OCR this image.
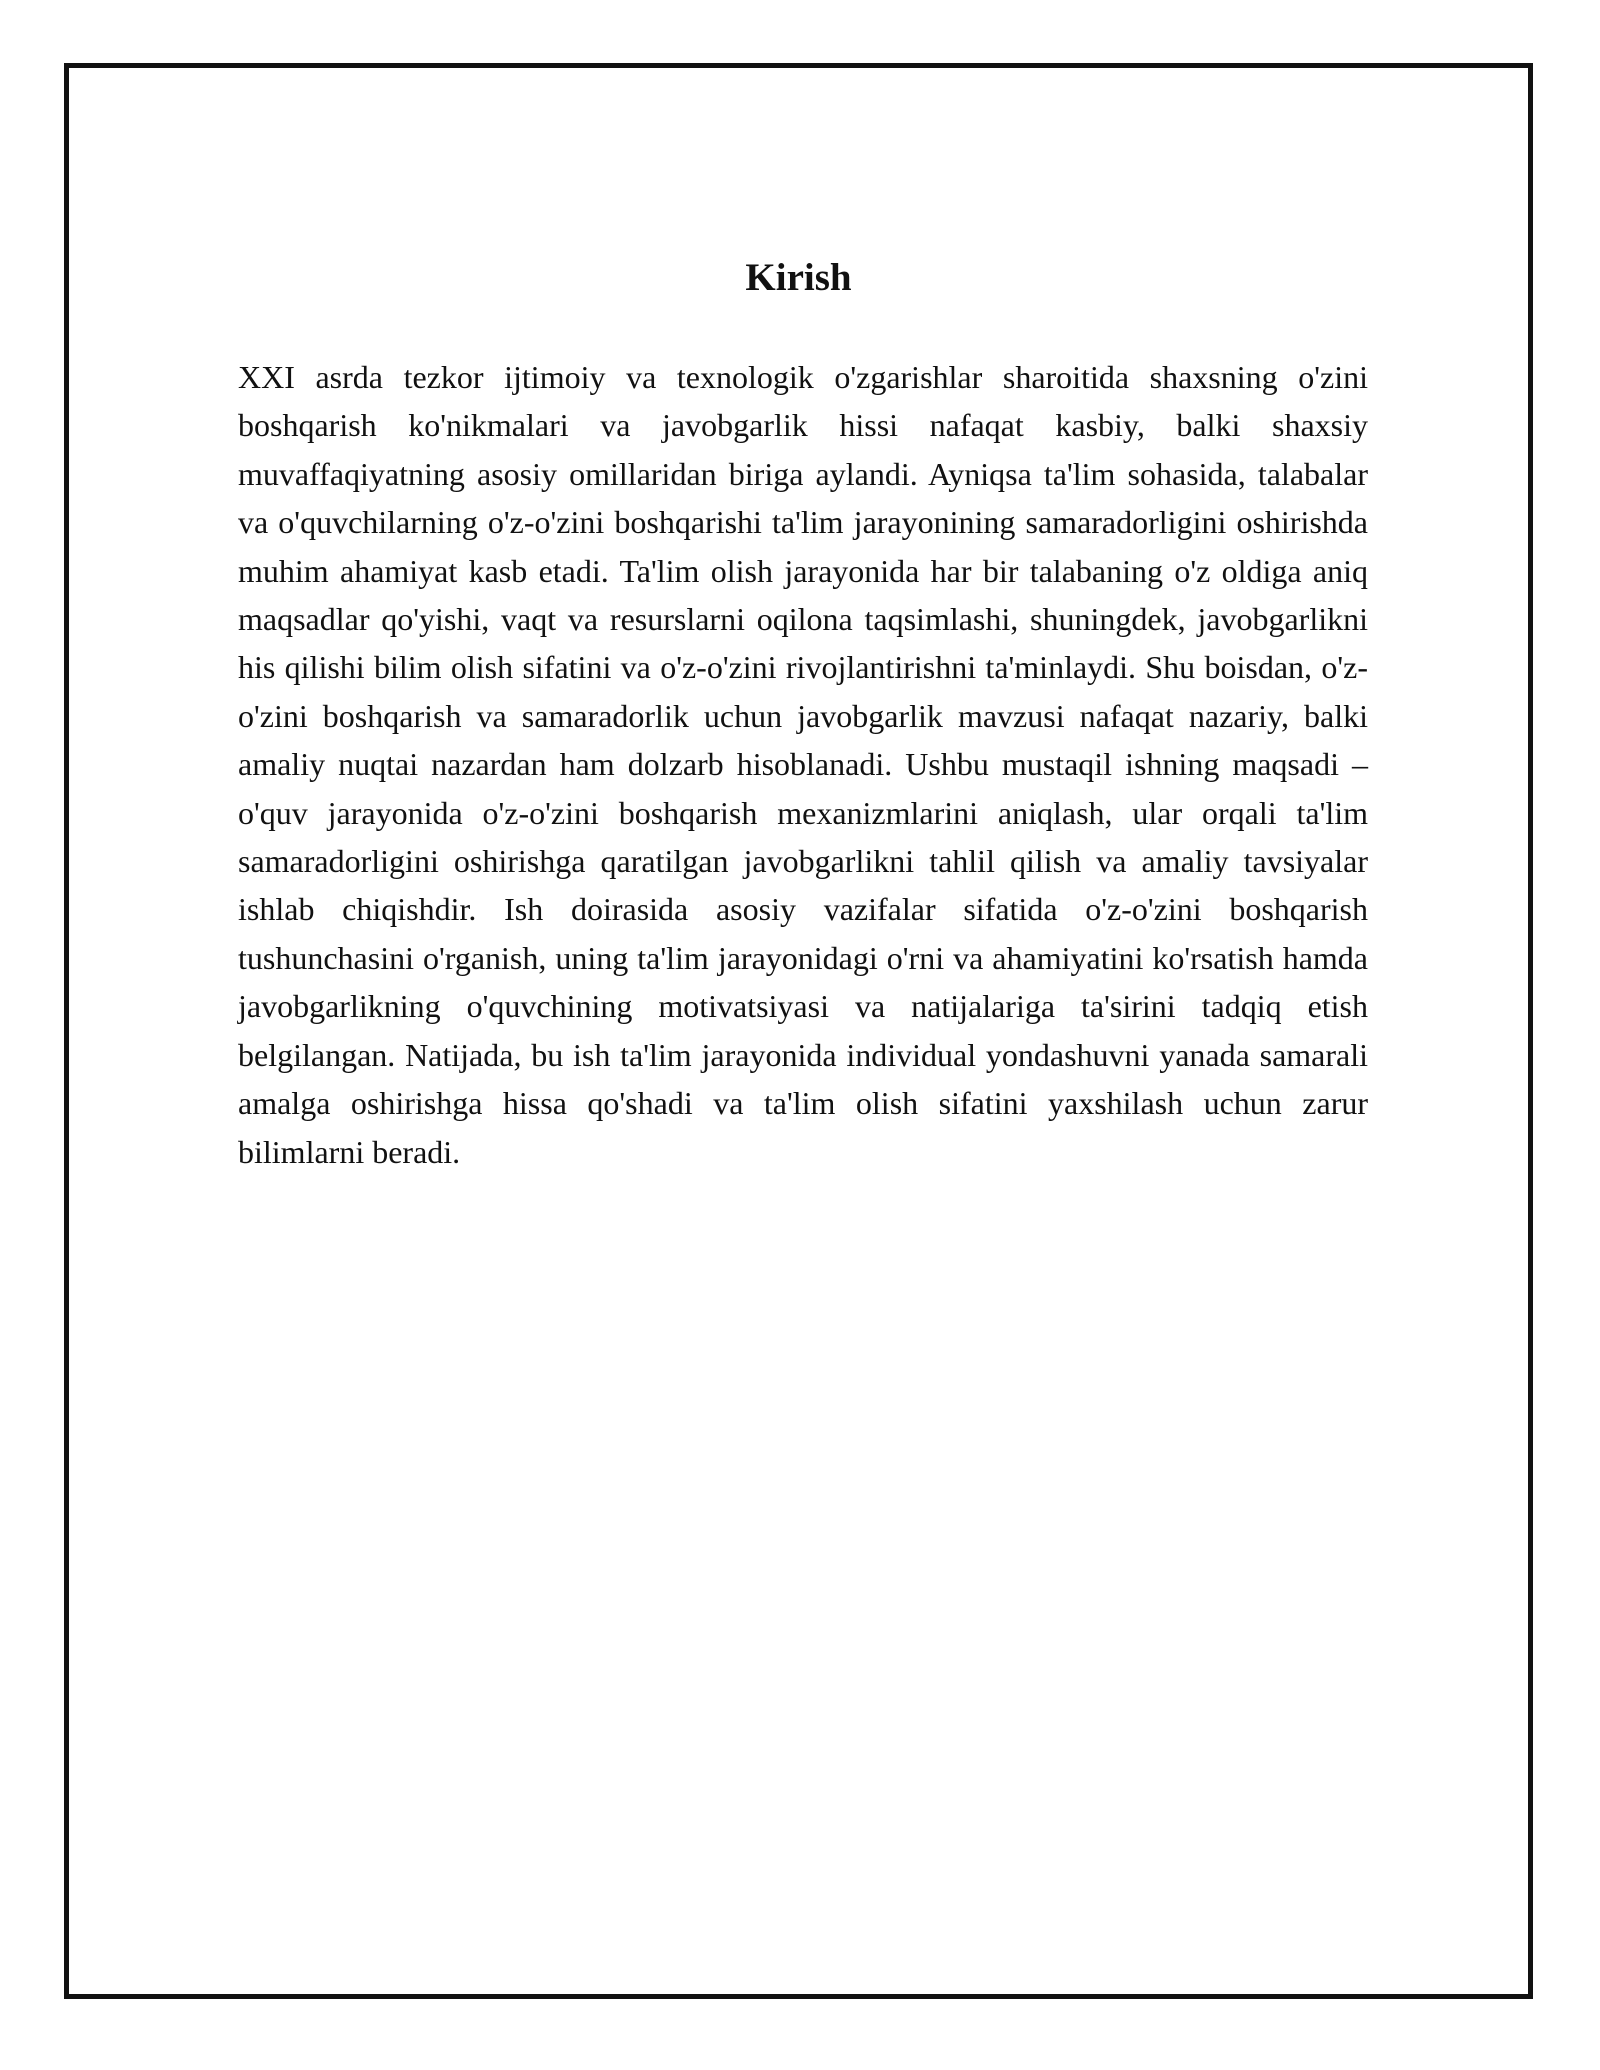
Kirish

XXI asrda tezkor ijtimoiy va texnologik o'zgarishlar sharoitida shaxsning o'zini boshqarish ko'nikmalari va javobgarlik hissi nafaqat kasbiy, balki shaxsiy muvaffaqiyatning asosiy omillaridan biriga aylandi. Ayniqsa ta'lim sohasida, talabalar va o'quvchilarning o'z-o'zini boshqarishi ta'lim jarayonining samaradorligini oshirishda muhim ahamiyat kasb etadi. Ta'lim olish jarayonida har bir talabaning o'z oldiga aniq maqsadlar qo'yishi, vaqt va resurslarni oqilona taqsimlashi, shuningdek, javobgarlikni his qilishi bilim olish sifatini va o'z-o'zini rivojlantirishni ta'minlaydi. Shu boisdan, o'z-o'zini boshqarish va samaradorlik uchun javobgarlik mavzusi nafaqat nazariy, balki amaliy nuqtai nazardan ham dolzarb hisoblanadi. Ushbu mustaqil ishning maqsadi – o'quv jarayonida o'z-o'zini boshqarish mexanizmlarini aniqlash, ular orqali ta'lim samaradorligini oshirishga qaratilgan javobgarlikni tahlil qilish va amaliy tavsiyalar ishlab chiqishdir. Ish doirasida asosiy vazifalar sifatida o'z-o'zini boshqarish tushunchasini o'rganish, uning ta'lim jarayonidagi o'rni va ahamiyatini ko'rsatish hamda javobgarlikning o'quvchining motivatsiyasi va natijalariga ta'sirini tadqiq etish belgilangan. Natijada, bu ish ta'lim jarayonida individual yondashuvni yanada samarali amalga oshirishga hissa qo'shadi va ta'lim olish sifatini yaxshilash uchun zarur bilimlarni beradi.
